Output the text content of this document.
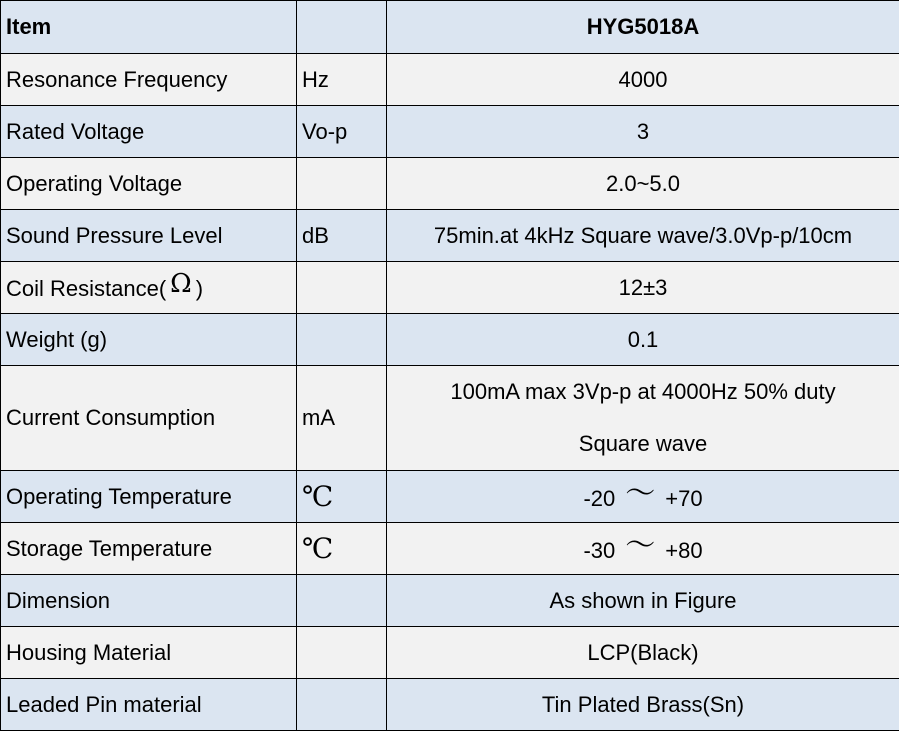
Item		HYG5018A
Resonance Frequency	Hz	4000
Rated Voltage	Vo-p	3
Operating Voltage		2.0~5.0
Sound Pressure Level	dB	75min.at 4kHz Square wave/3.0Vp-p/10cm
Coil Resistance( Ω )		12±3
Weight (g)		0.1
Current Consumption	mA	100mA max 3Vp-p at 4000Hz 50% duty
Square wave
Operating Temperature	℃	-20 ～ +70
Storage Temperature	℃	-30 ～ +80
Dimension		As shown in Figure
Housing Material		LCP(Black)
Leaded Pin material		Tin Plated Brass(Sn)
